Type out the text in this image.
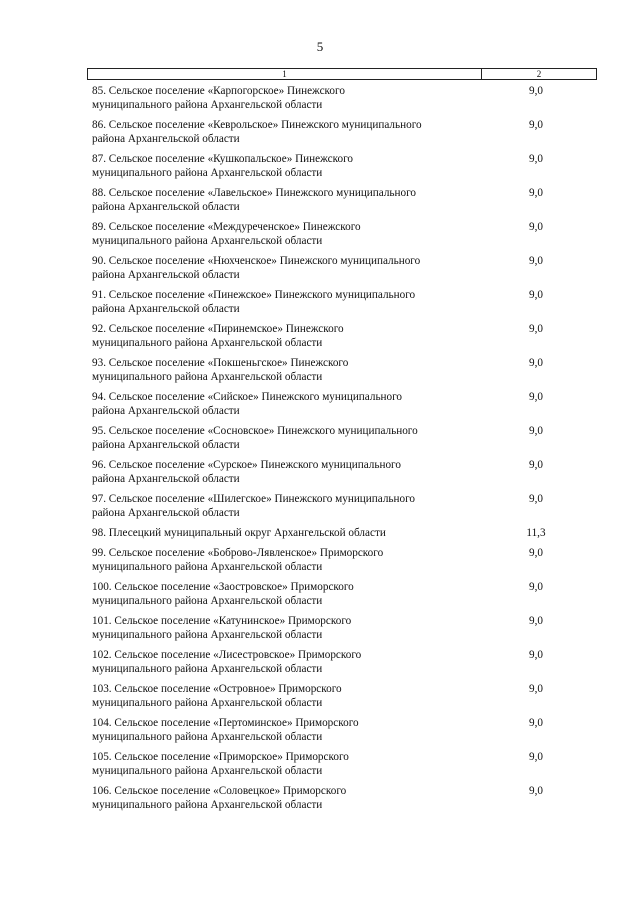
5
1	2
85. Сельское поселение «Карпогорское» Пинежского
муниципального района Архангельской области
9,0
86. Сельское поселение «Кеврольское» Пинежского муниципального
района Архангельской области
9,0
87. Сельское поселение «Кушкопальское» Пинежского
муниципального района Архангельской области
9,0
88. Сельское поселение «Лавельское» Пинежского муниципального
района Архангельской области
9,0
89. Сельское поселение «Междуреченское» Пинежского
муниципального района Архангельской области
9,0
90. Сельское поселение «Нюхченское» Пинежского муниципального
района Архангельской области
9,0
91. Сельское поселение «Пинежское» Пинежского муниципального
района Архангельской области
9,0
92. Сельское поселение «Пиринемское» Пинежского
муниципального района Архангельской области
9,0
93. Сельское поселение «Покшеньгское» Пинежского
муниципального района Архангельской области
9,0
94. Сельское поселение «Сийское» Пинежского муниципального
района Архангельской области
9,0
95. Сельское поселение «Сосновское» Пинежского муниципального
района Архангельской области
9,0
96. Сельское поселение «Сурское» Пинежского муниципального
района Архангельской области
9,0
97. Сельское поселение «Шилегское» Пинежского муниципального
района Архангельской области
9,0
98. Плесецкий муниципальный округ Архангельской области	11,3
99. Сельское поселение «Боброво-Лявленское» Приморского
муниципального района Архангельской области
9,0
100. Сельское поселение «Заостровское» Приморского
муниципального района Архангельской области
9,0
101. Сельское поселение «Катунинское» Приморского
муниципального района Архангельской области
9,0
102. Сельское поселение «Лисестровское» Приморского
муниципального района Архангельской области
9,0
103. Сельское поселение «Островное» Приморского
муниципального района Архангельской области
9,0
104. Сельское поселение «Пертоминское» Приморского
муниципального района Архангельской области
9,0
105. Сельское поселение «Приморское» Приморского
муниципального района Архангельской области
9,0
106. Сельское поселение «Соловецкое» Приморского
муниципального района Архангельской области
9,0
